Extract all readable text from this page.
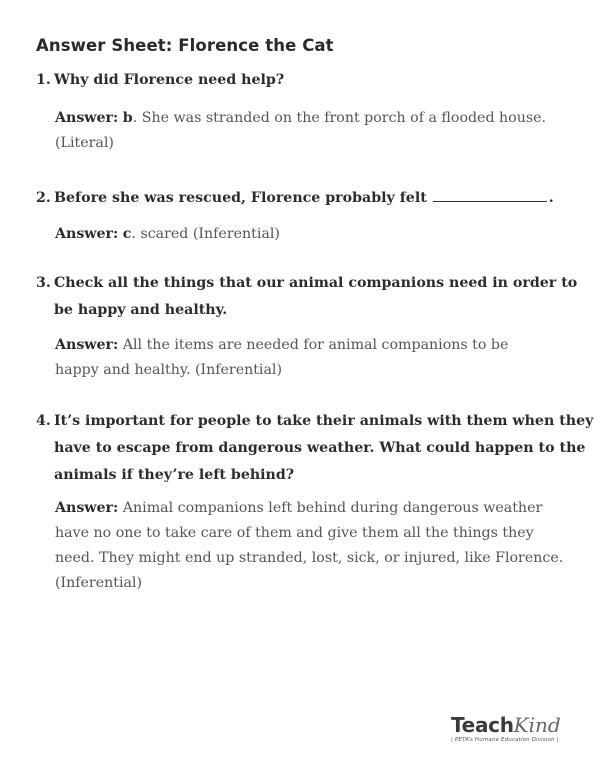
Answer Sheet: Florence the Cat
1. Why did Florence need help?
Answer: b. She was stranded on the front porch of a flooded house. (Literal)
2. Before she was rescued, Florence probably felt	.
Answer: c. scared (Inferential)
3. Check all the things that our animal companions need in order to be happy and healthy.
Answer: All the items are needed for animal companions to be happy and healthy. (Inferential)
4. It’s important for people to take their animals with them when they have to escape from dangerous weather. What could happen to the animals if they’re left behind?
Answer: Animal companions left behind during dangerous weather have no one to take care of them and give them all the things they need. They might end up stranded, lost, sick, or injured, like Florence. (Inferential)
TeachKind
| PETA’s Humane Education Division |
